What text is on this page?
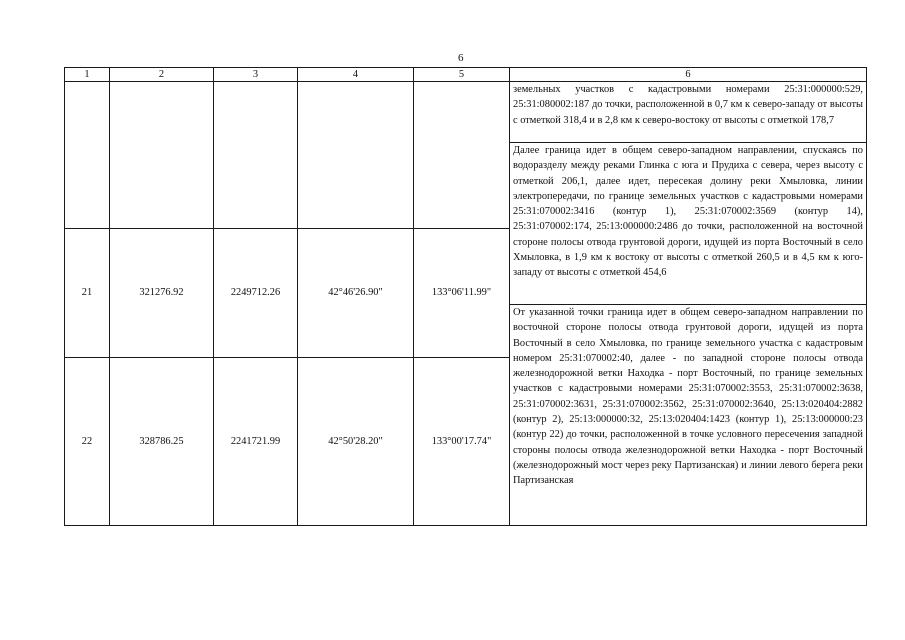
6
1	2	3	4	5	6
					земельных участков с кадастровыми номерами 25:31:000000:529, 25:31:080002:187 до точки, расположенной в 0,7 км к северо-западу от высоты с отметкой 318,4 и в 2,8 км к северо-востоку от высоты с отметкой 178,7
					Далее граница идет в общем северо-западном направлении, спускаясь по водоразделу между реками Глинка с юга и Прудиха с севера, через высоту с отметкой 206,1, далее идет, пересекая долину реки Хмыловка, линии электропередачи, по границе земельных участков с кадастровыми номерами 25:31:070002:3416 (контур 1), 25:31:070002:3569 (контур 14), 25:31:070002:174, 25:13:000000:2486 до точки, расположенной на восточной стороне полосы отвода грунтовой дороги, идущей из порта Восточный в село Хмыловка, в 1,9 км к востоку от высоты с отметкой 260,5 и в 4,5 км к юго-западу от высоты с отметкой 454,6
21	321276.92	2249712.26	42°46'26.90"	133°06'11.99"	
					От указанной точки граница идет в общем северо-западном направлении по восточной стороне полосы отвода грунтовой дороги, идущей из порта Восточный в село Хмыловка, по границе земельного участка с кадастровым номером 25:31:070002:40, далее - по западной стороне полосы отвода железнодорожной ветки Находка - порт Восточный, по границе земельных участков с кадастровыми номерами 25:31:070002:3553, 25:31:070002:3638, 25:31:070002:3631, 25:31:070002:3562, 25:31:070002:3640, 25:13:020404:2882 (контур 2), 25:13:000000:32, 25:13:020404:1423 (контур 1), 25:13:000000:23 (контур 22) до точки, расположенной в точке условного пересечения западной стороны полосы отвода железнодорожной ветки Находка - порт Восточный (железнодорожный мост через реку Партизанская) и линии левого берега реки Партизанская
22	328786.25	2241721.99	42°50'28.20"	133°00'17.74"	
